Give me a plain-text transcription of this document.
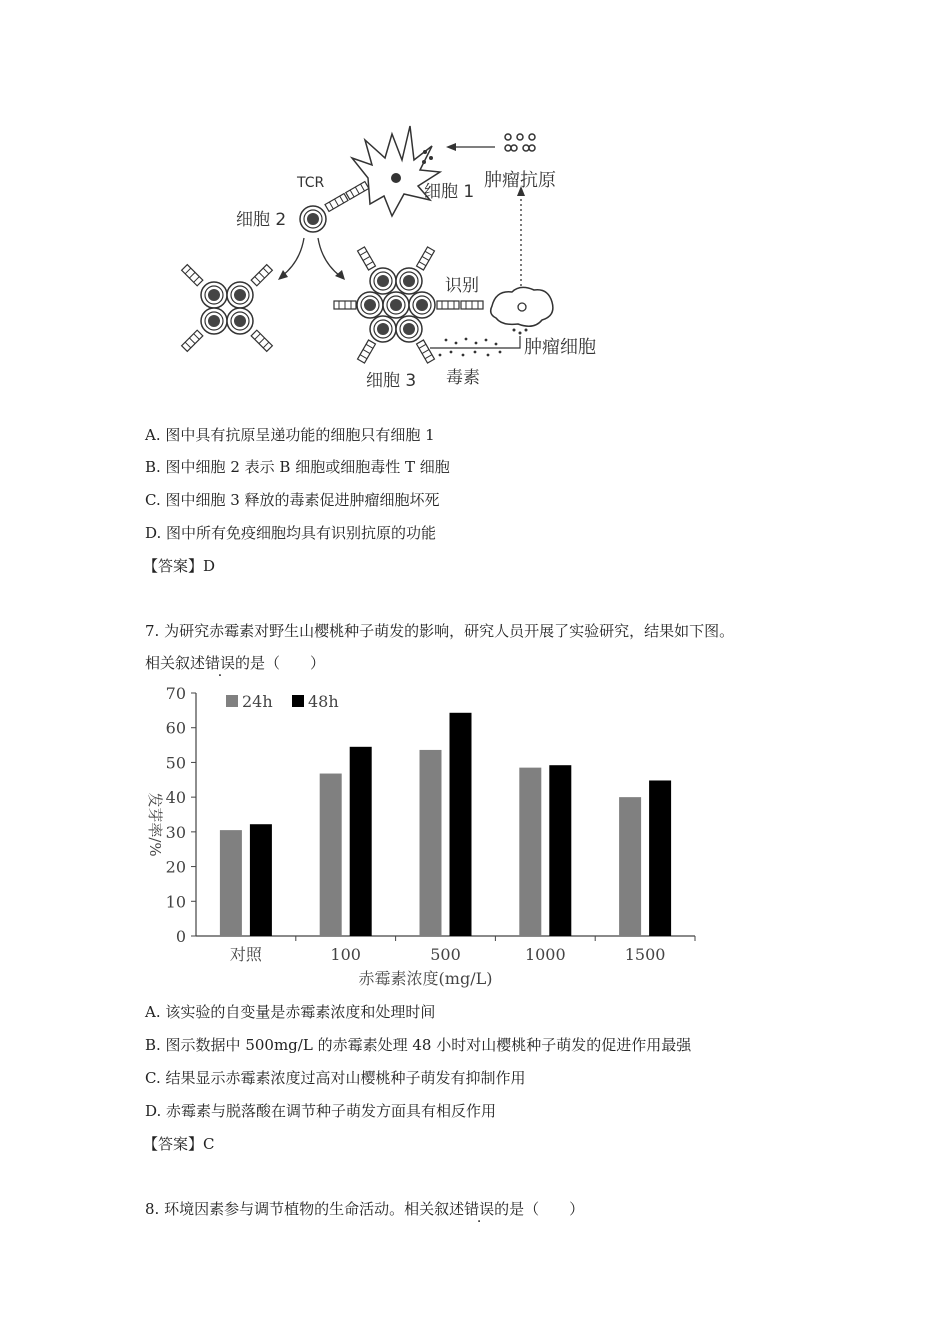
TCR	细胞 1
细胞 2
细胞 3
肿瘤抗原
识别
肿瘤细胞
毒素
A. 图中具有抗原呈递功能的细胞只有细胞 1
B. 图中细胞 2 表示 B 细胞或细胞毒性 T 细胞
C. 图中细胞 3 释放的毒素促进肿瘤细胞坏死
D. 图中所有免疫细胞均具有识别抗原的功能
【答案】D
7. 为研究赤霉素对野生山樱桃种子萌发的影响，研究人员开展了实验研究，结果如下图。
相关叙述错误的是（　　）
0
10
20
30
40
50
60
70
对照	100	500	1000	1500
赤霉素浓度(mg/L)
发芽率/%
24h 48h
A. 该实验的自变量是赤霉素浓度和处理时间
B. 图示数据中 500mg/L 的赤霉素处理 48 小时对山樱桃种子萌发的促进作用最强
C. 结果显示赤霉素浓度过高对山樱桃种子萌发有抑制作用
D. 赤霉素与脱落酸在调节种子萌发方面具有相反作用
【答案】C
8. 环境因素参与调节植物的生命活动。相关叙述错误的是（　　）
